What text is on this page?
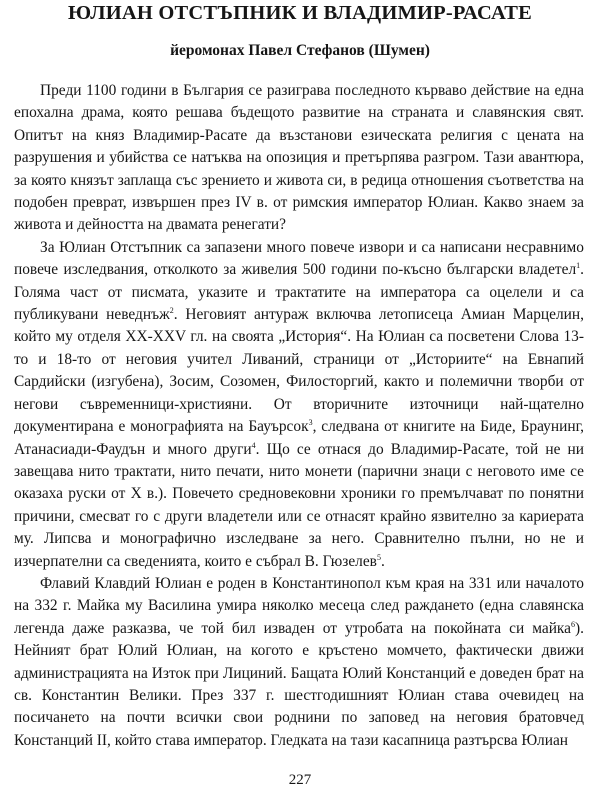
ЮЛИАН ОТСТЪПНИК И ВЛАДИМИР-РАСАТЕ
йеромонах Павел Стефанов (Шумен)

Преди 1100 години в България се разиграва последното кърваво действие на една епохална драма, която решава бъдещото развитие на страната и славянския свят. Опитът на княз Владимир-Расате да възстанови езическата религия с цената на разрушения и убийства се натъква на опозиция и претърпява разгром. Тази авантюра, за която князът заплаща със зрението и живота си, в редица отношения съответства на подобен преврат, извършен през IV в. от римския император Юлиан. Какво знаем за живота и дейността на двамата ренегати?

За Юлиан Отстъпник са запазени много повече извори и са написани несравнимо повече изследвания, отколкото за живелия 500 години по-късно български владетел$^1$. Голяма част от писмата, указите и трактатите на императора са оцелели и са публикувани неведнъж$^2$. Неговият антураж включва летописеца Амиан Марцелин, който му отделя XX-XXV гл. на своята „История“. На Юлиан са посветени Слова 13-то и 18-то от неговия учител Ливаний, страници от „Историите“ на Евнапий Сардийски (изгубена), Зосим, Созомен, Филосторгий, както и полемични творби от негови съвременници-християни. От вторичните източници най-щателно документирана е монографията на Бауърсок$^3$, следвана от книгите на Биде, Браунинг, Атанасиади-Фаудън и много други$^4$. Що се отнася до Владимир-Расате, той не ни завещава нито трактати, нито печати, нито монети (парични знаци с неговото име се оказаха руски от X в.). Повечето средновековни хроники го премълчават по понятни причини, смесват го с други владетели или се отнасят крайно язвително за кариерата му. Липсва и монографично изследване за него. Сравнително пълни, но не и изчерпателни са сведенията, които е събрал В. Гюзелев$^5$.

Флавий Клавдий Юлиан е роден в Константинопол към края на 331 или началото на 332 г. Майка му Василина умира няколко месеца след раждането (една славянска легенда даже разказва, че той бил изваден от утробата на покойната си майка$^6$). Нейният брат Юлий Юлиан, на когото е кръстено момчето, фактически движи администрацията на Изток при Лициний. Бащата Юлий Констанций е доведен брат на св. Константин Велики. През 337 г. шестгодишният Юлиан става очевидец на посичането на почти всички свои роднини по заповед на неговия братовчед Констанций II, който става император. Гледката на тази касапница разтърсва Юлиан

227
